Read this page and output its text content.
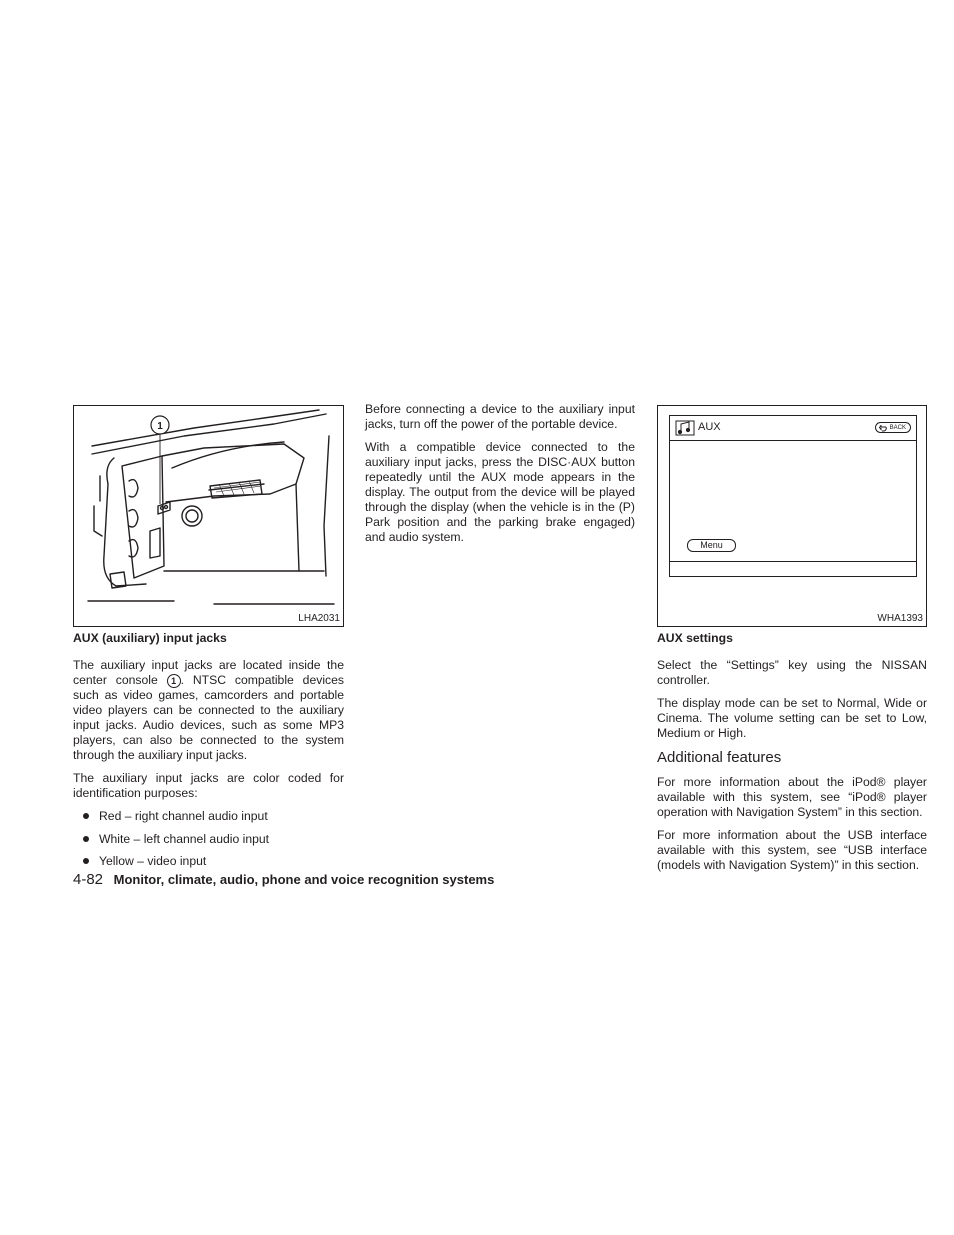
1
LHA2031
AUX	BACK
Menu
WHA1393
AUX (auxiliary) input jacks

The auxiliary input jacks are located inside the center console 1 . NTSC compatible devices such as video games, camcorders and portable video players can be connected to the auxiliary input jacks. Audio devices, such as some MP3 players, can also be connected to the system through the auxiliary input jacks.

The auxiliary input jacks are color coded for identification purposes:

Red – right channel audio input
White – left channel audio input
Yellow – video input

Before connecting a device to the auxiliary input jacks, turn off the power of the portable device.

With a compatible device connected to the auxiliary input jacks, press the DISC·AUX button repeatedly until the AUX mode appears in the display. The output from the device will be played through the display (when the vehicle is in the (P) Park position and the parking brake engaged) and audio system.

AUX settings

Select the “Settings” key using the NISSAN controller.

The display mode can be set to Normal, Wide or Cinema. The volume setting can be set to Low, Medium or High.

Additional features

For more information about the iPod® player available with this system, see “iPod® player operation with Navigation System” in this section.

For more information about the USB interface available with this system, see “USB interface (models with Navigation System)” in this section.

4-82 Monitor, climate, audio, phone and voice recognition systems
